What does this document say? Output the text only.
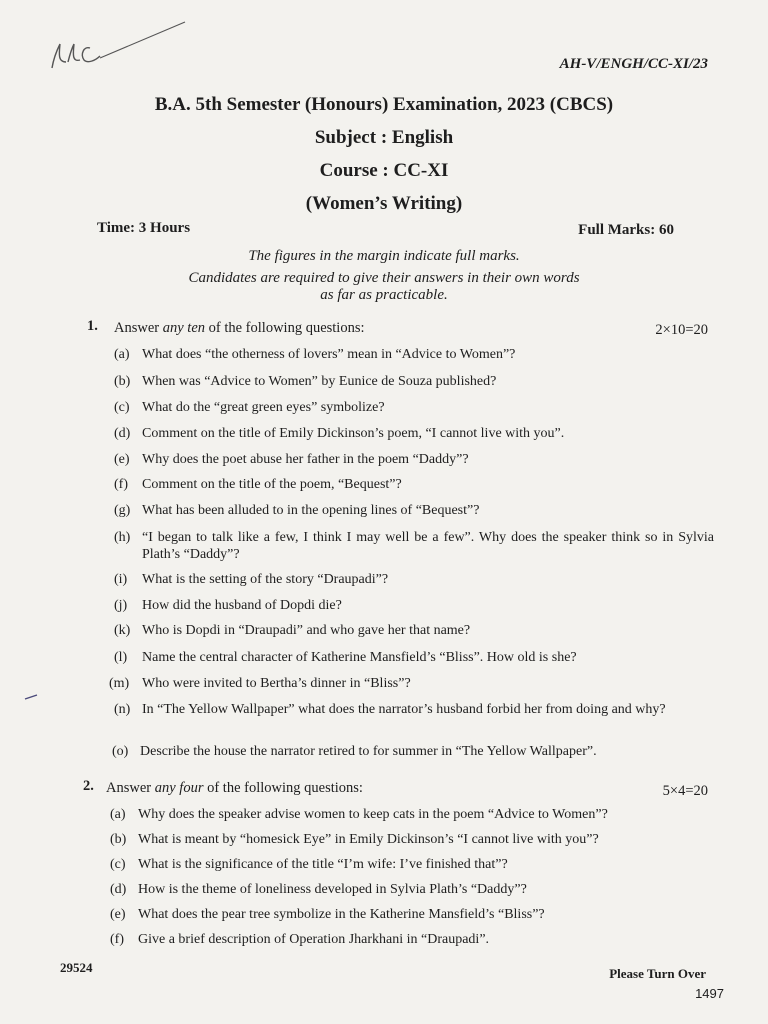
AH-V/ENGH/CC-XI/23
B.A. 5th Semester (Honours) Examination, 2023 (CBCS)
Subject : English
Course : CC-XI
(Women’s Writing)
Time: 3 Hours	Full Marks: 60
The figures in the margin indicate full marks.
Candidates are required to give their answers in their own words
as far as practicable.
1. Answer any ten of the following questions:	2×10=20
(a) What does “the otherness of lovers” mean in “Advice to Women”?
(b) When was “Advice to Women” by Eunice de Souza published?
(c) What do the “great green eyes” symbolize?
(d) Comment on the title of Emily Dickinson’s poem, “I cannot live with you”.
(e) Why does the poet abuse her father in the poem “Daddy”?
(f) Comment on the title of the poem, “Bequest”?
(g) What has been alluded to in the opening lines of “Bequest”?
(h) “I began to talk like a few, I think I may well be a few”. Why does the speaker think so in Sylvia Plath’s “Daddy”?
(i) What is the setting of the story “Draupadi”?
(j) How did the husband of Dopdi die?
(k) Who is Dopdi in “Draupadi” and who gave her that name?
(l) Name the central character of Katherine Mansfield’s “Bliss”. How old is she?
(m) Who were invited to Bertha’s dinner in “Bliss”?
(n) In “The Yellow Wallpaper” what does the narrator’s husband forbid her from doing and why?
(o) Describe the house the narrator retired to for summer in “The Yellow Wallpaper”.
2. Answer any four of the following questions:	5×4=20
(a) Why does the speaker advise women to keep cats in the poem “Advice to Women”?
(b) What is meant by “homesick Eye” in Emily Dickinson’s “I cannot live with you”?
(c) What is the significance of the title “I’m wife: I’ve finished that”?
(d) How is the theme of loneliness developed in Sylvia Plath’s “Daddy”?
(e) What does the pear tree symbolize in the Katherine Mansfield’s “Bliss”?
(f) Give a brief description of Operation Jharkhani in “Draupadi”.
29524	Please Turn Over
1497
